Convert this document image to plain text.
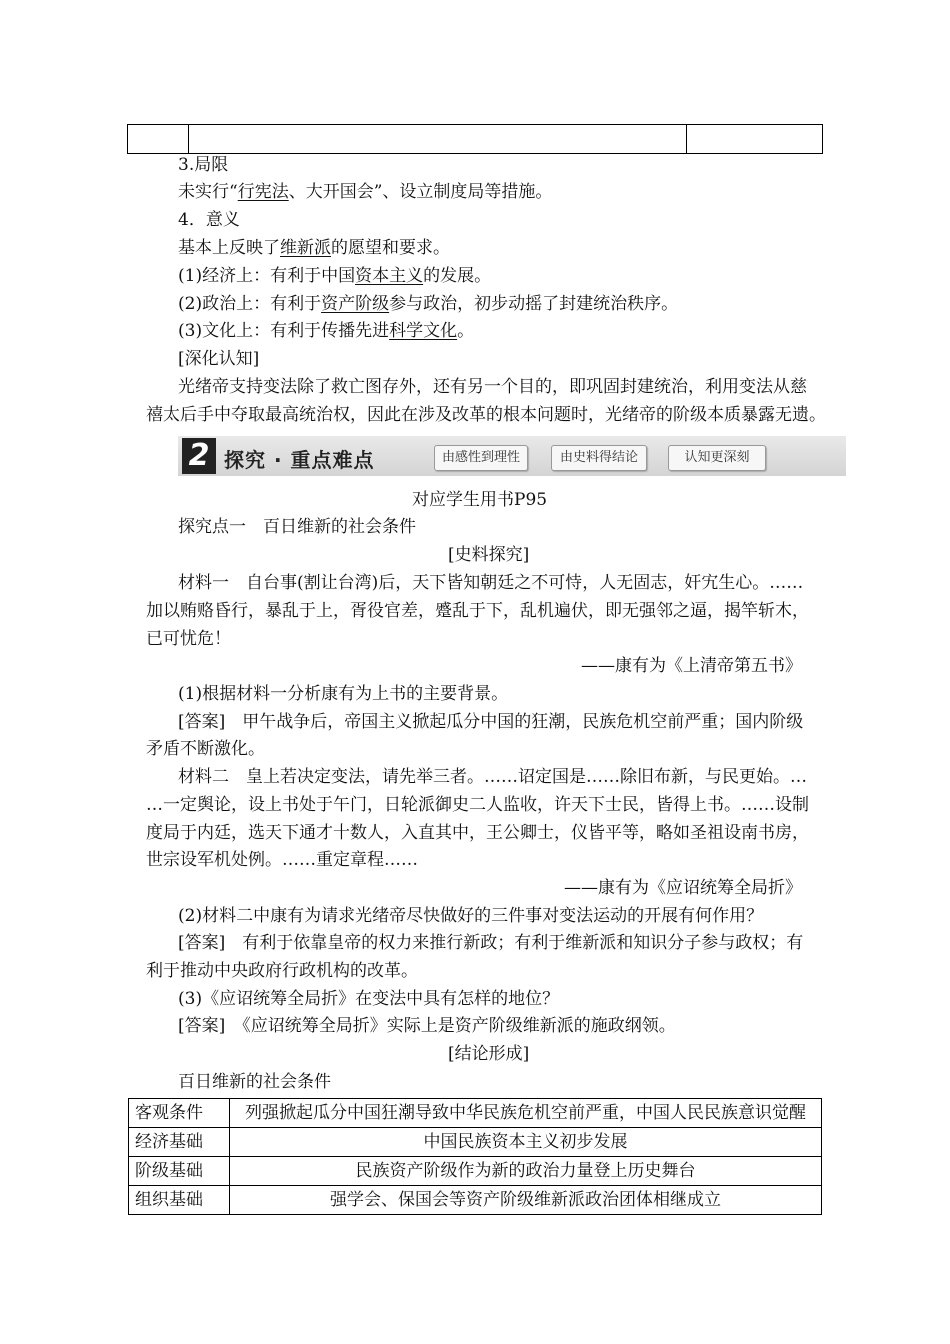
3.局限
未实行“行宪法、大开国会”、设立制度局等措施。
4．意义
基本上反映了维新派的愿望和要求。
(1)经济上：有利于中国资本主义的发展。
(2)政治上：有利于资产阶级参与政治，初步动摇了封建统治秩序。
(3)文化上：有利于传播先进科学文化。
[深化认知]
光绪帝支持变法除了救亡图存外，还有另一个目的，即巩固封建统治，利用变法从慈
禧太后手中夺取最高统治权，因此在涉及改革的根本问题时，光绪帝的阶级本质暴露无遗。
2 探究 · 重点难点	由感性到理性	由史料得结论	认知更深刻
对应学生用书P95
探究点一　百日维新的社会条件
[史料探究]
材料一　自台事(割让台湾)后，天下皆知朝廷之不可恃，人无固志，奸宄生心。……
加以贿赂昏行，暴乱于上，胥役官差，蹙乱于下，乱机遍伏，即无强邻之逼，揭竿斩木，
已可忧危！
——康有为《上清帝第五书》
(1)根据材料一分析康有为上书的主要背景。
[答案]　甲午战争后，帝国主义掀起瓜分中国的狂潮，民族危机空前严重；国内阶级
矛盾不断激化。
材料二　皇上若决定变法，请先举三者。……诏定国是……除旧布新，与民更始。…
…一定舆论，设上书处于午门，日轮派御史二人监收，许天下士民，皆得上书。……设制
度局于内廷，选天下通才十数人，入直其中，王公卿士，仪皆平等，略如圣祖设南书房，
世宗设军机处例。……重定章程……
——康有为《应诏统筹全局折》
(2)材料二中康有为请求光绪帝尽快做好的三件事对变法运动的开展有何作用？
[答案]　有利于依靠皇帝的权力来推行新政；有利于维新派和知识分子参与政权；有
利于推动中央政府行政机构的改革。
(3)《应诏统筹全局折》在变法中具有怎样的地位？
[答案]　《应诏统筹全局折》实际上是资产阶级维新派的施政纲领。
[结论形成]
百日维新的社会条件
客观条件	列强掀起瓜分中国狂潮导致中华民族危机空前严重，中国人民民族意识觉醒
经济基础	中国民族资本主义初步发展
阶级基础	民族资产阶级作为新的政治力量登上历史舞台
组织基础	强学会、保国会等资产阶级维新派政治团体相继成立
